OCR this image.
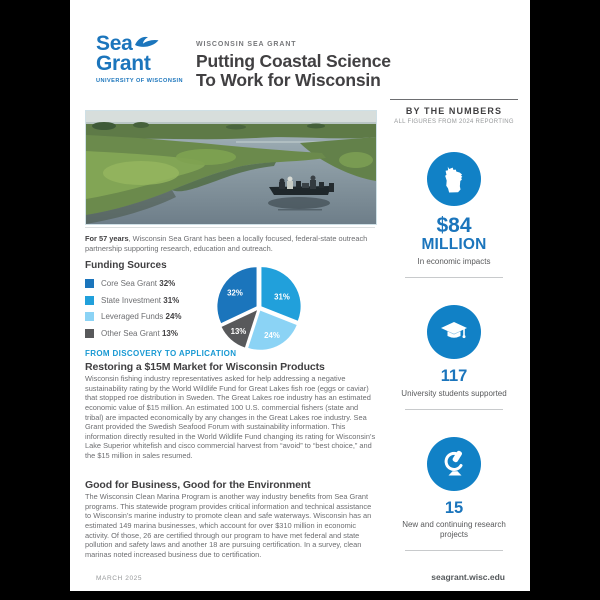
Sea
Grant
UNIVERSITY OF WISCONSIN
WISCONSIN SEA GRANT
Putting Coastal Science
To Work for Wisconsin
For 57 years, Wisconsin Sea Grant has been a locally focused, federal-state outreach partnership supporting research, education and outreach.
Funding Sources
Core Sea Grant 32%
State Investment 31%
Leveraged Funds 24%
Other Sea Grant 13%
31%
24%
13%
32%
FROM DISCOVERY TO APPLICATION
Restoring a $15M Market for Wisconsin Products
Wisconsin fishing industry representatives asked for help addressing a negative sustainability rating by the World Wildlife Fund for Great Lakes fish roe (eggs or caviar) that stopped roe distribution in Sweden. The Great Lakes roe industry has an estimated economic value of $15 million. An estimated 100 U.S. commercial fishers (state and tribal) are impacted economically by any changes in the Great Lakes roe industry. Sea Grant provided the Swedish Seafood Forum with sustainability information. This information directly resulted in the World Wildlife Fund changing its rating for Wisconsin’s Lake Superior whitefish and cisco commercial harvest from “avoid” to “best choice,” and the $15 million in sales resumed.
Good for Business, Good for the Environment
The Wisconsin Clean Marina Program is another way industry benefits from Sea Grant programs. This statewide program provides critical information and technical assistance to Wisconsin’s marine industry to promote clean and safe waterways. Wisconsin has an estimated 149 marina businesses, which account for over $310 million in economic activity. Of those, 26 are certified through our program to have met federal and state pollution and safety laws and another 18 are pursuing certification. In a survey, clean marinas noted increased business due to certification.
MARCH 2025	seagrant.wisc.edu
BY THE NUMBERS
ALL FIGURES FROM 2024 REPORTING
$84
MILLION
In economic impacts
117
University students supported
15
New and continuing research projects
